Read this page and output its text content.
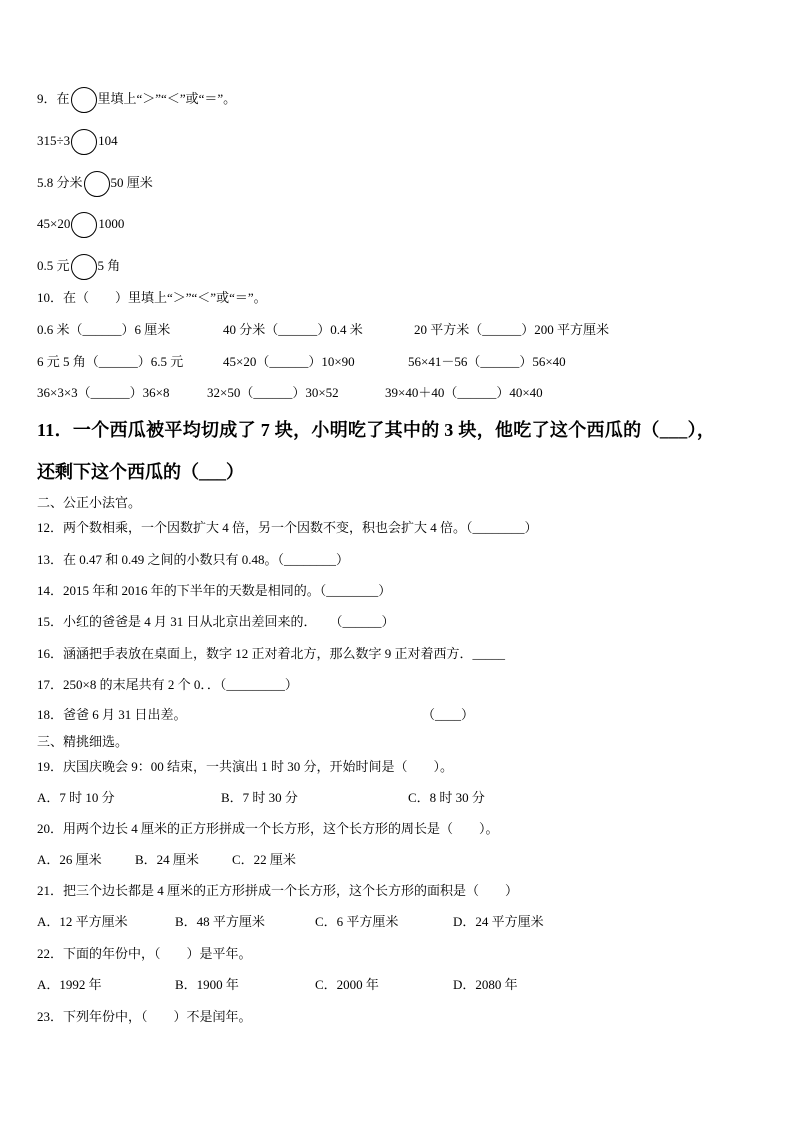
9．在 里填上“＞”“＜”或“＝”。
315÷3 104
5.8 分米 50 厘米
45×20 1000
0.5 元 5 角
10．在（　　）里填上“＞”“＜”或“＝”。
0.6 米（______）6 厘米	40 分米（______）0.4 米	20 平方米（______）200 平方厘米
6 元 5 角（______）6.5 元	45×20（______）10×90	56×41－56（______）56×40
36×3×3（______）36×8	32×50（______）30×52	39×40＋40（______）40×40
11．一个西瓜被平均切成了 7 块，小明吃了其中的 3 块，他吃了这个西瓜的（___），
还剩下这个西瓜的（___）
二、公正小法官。
12．两个数相乘，一个因数扩大 4 倍，另一个因数不变，积也会扩大 4 倍。（________）
13．在 0.47 和 0.49 之间的小数只有 0.48。（________）
14．2015 年和 2016 年的下半年的天数是相同的。（________）
15．小红的爸爸是 4 月 31 日从北京出差回来的．　　（______）
16．涵涵把手表放在桌面上，数字 12 正对着北方，那么数字 9 正对着西方．_____
17．250×8 的末尾共有 2 个 0．．（_________）
18．爸爸 6 月 31 日出差。	（____）
三、精挑细选。
19．庆国庆晚会 9：00 结束，一共演出 1 时 30 分，开始时间是（　　）。
A．7 时 10 分	B．7 时 30 分	C．8 时 30 分
20．用两个边长 4 厘米的正方形拼成一个长方形，这个长方形的周长是（　　）。
A．26 厘米	B．24 厘米	C．22 厘米
21．把三个边长都是 4 厘米的正方形拼成一个长方形，这个长方形的面积是（　　）
A．12 平方厘米	B．48 平方厘米	C．6 平方厘米	D．24 平方厘米
22．下面的年份中，（　　）是平年。
A．1992 年	B．1900 年	C．2000 年	D．2080 年
23．下列年份中，（　　）不是闰年。
